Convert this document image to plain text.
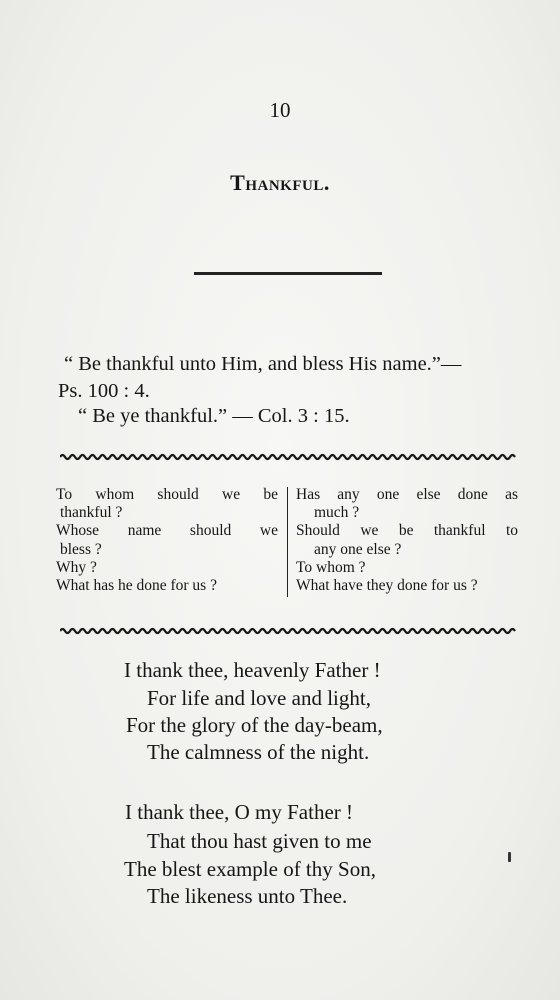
10
Thankful.
“ Be thankful unto Him, and bless His name.”—
Ps. 100 : 4.
“ Be ye thankful.” — Col. 3 : 15.
To whom should we be
thankful ?
Whose name should we
bless ?
Why ?
What has he done for us ?
Has any one else done as
much ?
Should we be thankful to
any one else ?
To whom ?
What have they done for us ?
I thank thee, heavenly Father !
For life and love and light,
For the glory of the day-beam,
The calmness of the night.
I thank thee, O my Father !
That thou hast given to me
The blest example of thy Son,
The likeness unto Thee.
